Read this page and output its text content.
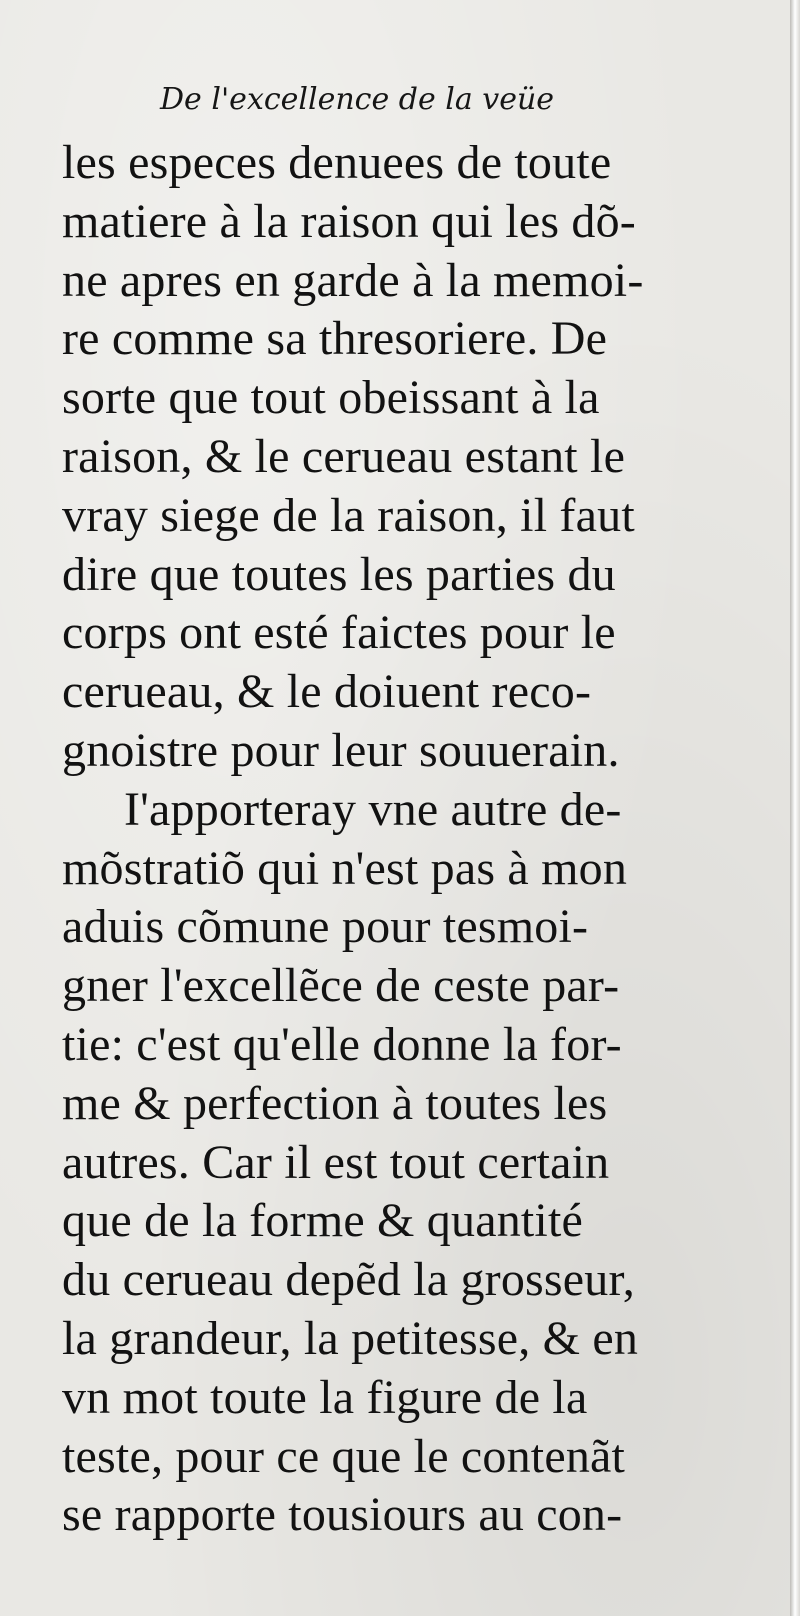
De l'excellence de la veüe
les especes denuees de toute
matiere à la raison qui les dõ-
ne apres en garde à la memoi-
re comme sa thresoriere. De
sorte que tout obeissant à la
raison, & le cerueau estant le
vray siege de la raison, il faut
dire que toutes les parties du
corps ont esté faictes pour le
cerueau, & le doiuent reco-
gnoistre pour leur souuerain.
I'apporteray vne autre de-
mõstratiõ qui n'est pas à mon
aduis cõmune pour tesmoi-
gner l'excellẽce de ceste par-
tie: c'est qu'elle donne la for-
me & perfection à toutes les
autres. Car il est tout certain
que de la forme & quantité
du cerueau depẽd la grosseur,
la grandeur, la petitesse, & en
vn mot toute la figure de la
teste, pour ce que le contenãt
se rapporte tousiours au con-
